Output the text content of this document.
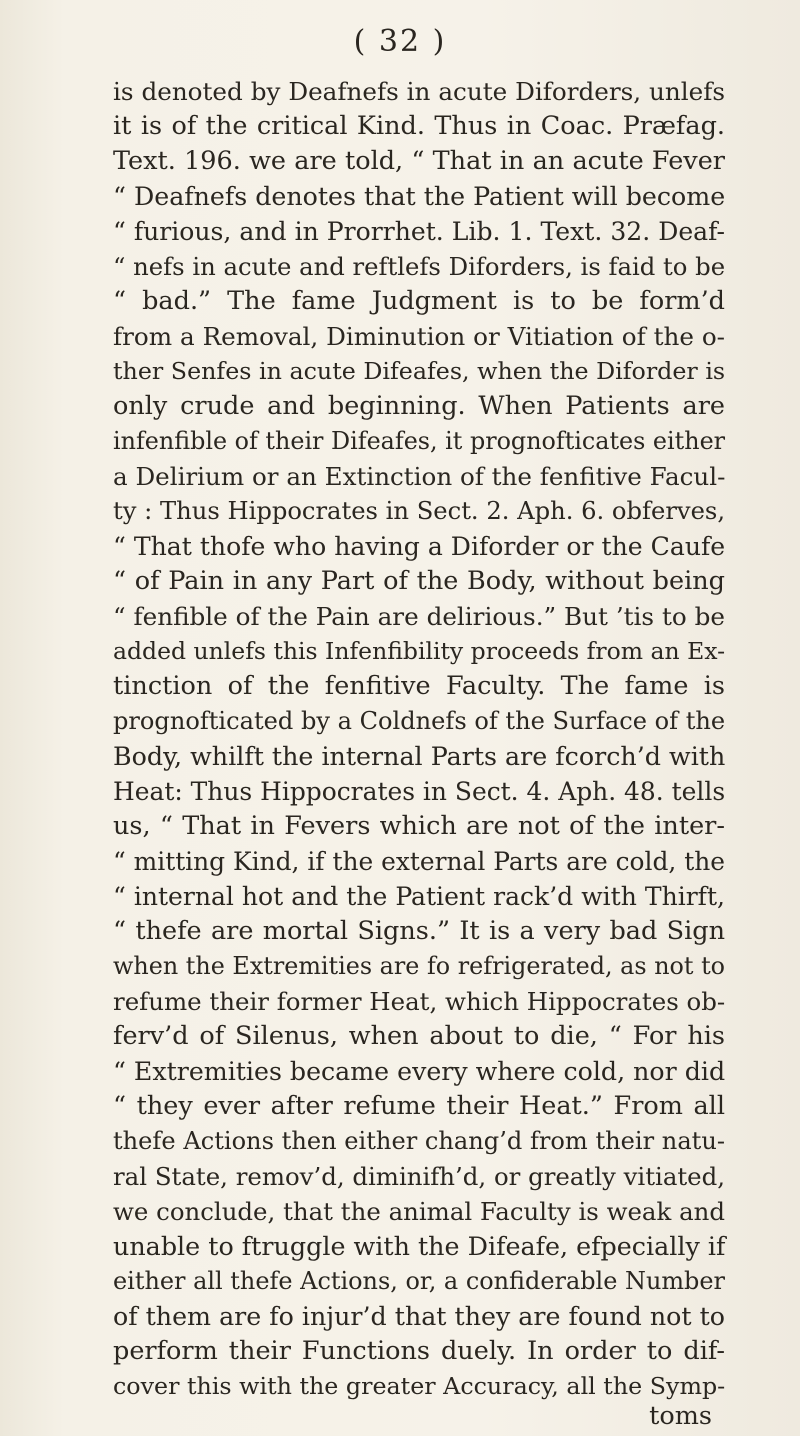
( 32 )
is denoted by Deafnefs in acute Diforders, unlefs
it is of the critical Kind. Thus in Coac. Præfag.
Text. 196. we are told, “ That in an acute Fever
“ Deafnefs denotes that the Patient will become
“ furious, and in Prorrhet. Lib. 1. Text. 32. Deaf-
“ nefs in acute and reftlefs Diforders, is faid to be
“ bad.” The fame Judgment is to be form’d
from a Removal, Diminution or Vitiation of the o-
ther Senfes in acute Difeafes, when the Diforder is
only crude and beginning. When Patients are
infenfible of their Difeafes, it prognofticates either
a Delirium or an Extinction of the fenfitive Facul-
ty : Thus Hippocrates in Sect. 2. Aph. 6. obferves,
“ That thofe who having a Diforder or the Caufe
“ of Pain in any Part of the Body, without being
“ fenfible of the Pain are delirious.” But ’tis to be
added unlefs this Infenfibility proceeds from an Ex-
tinction of the fenfitive Faculty. The fame is
prognofticated by a Coldnefs of the Surface of the
Body, whilft the internal Parts are fcorch’d with
Heat: Thus Hippocrates in Sect. 4. Aph. 48. tells
us, “ That in Fevers which are not of the inter-
“ mitting Kind, if the external Parts are cold, the
“ internal hot and the Patient rack’d with Thirft,
“ thefe are mortal Signs.” It is a very bad Sign
when the Extremities are fo refrigerated, as not to
refume their former Heat, which Hippocrates ob-
ferv’d of Silenus, when about to die, “ For his
“ Extremities became every where cold, nor did
“ they ever after refume their Heat.” From all
thefe Actions then either chang’d from their natu-
ral State, remov’d, diminifh’d, or greatly vitiated,
we conclude, that the animal Faculty is weak and
unable to ftruggle with the Difeafe, efpecially if
either all thefe Actions, or, a confiderable Number
of them are fo injur’d that they are found not to
perform their Functions duely. In order to dif-
cover this with the greater Accuracy, all the Symp-
toms
